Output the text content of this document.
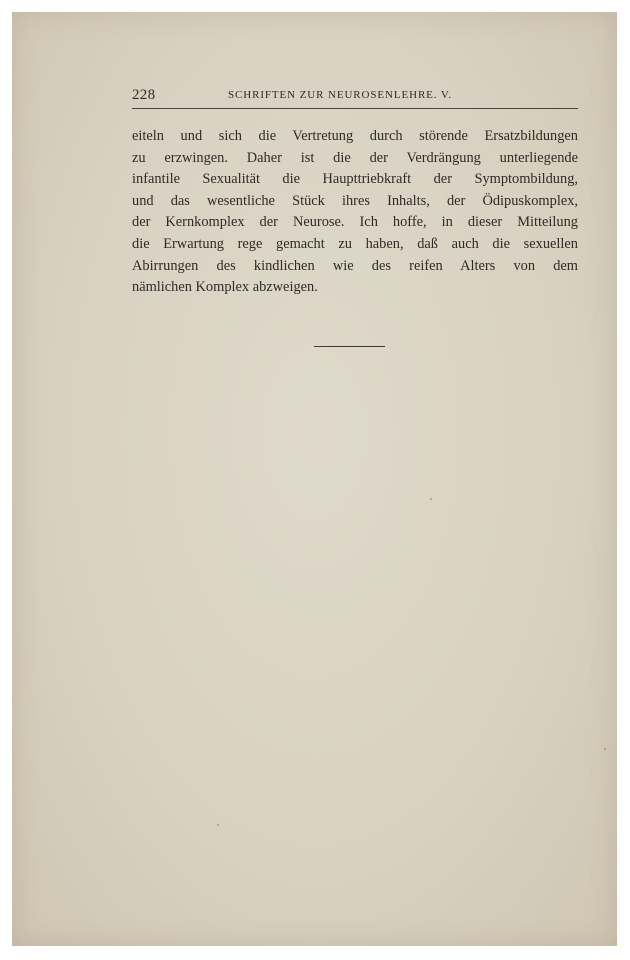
228	SCHRIFTEN ZUR NEUROSENLEHRE. V.
eiteln und sich die Vertretung durch störende Ersatzbildungen
zu erzwingen. Daher ist die der Verdrängung unterliegende
infantile Sexualität die Haupttriebkraft der Symptombildung,
und das wesentliche Stück ihres Inhalts, der Ödipuskomplex,
der Kernkomplex der Neurose. Ich hoffe, in dieser Mitteilung
die Erwartung rege gemacht zu haben, daß auch die sexuellen
Abirrungen des kindlichen wie des reifen Alters von dem
nämlichen Komplex abzweigen.
